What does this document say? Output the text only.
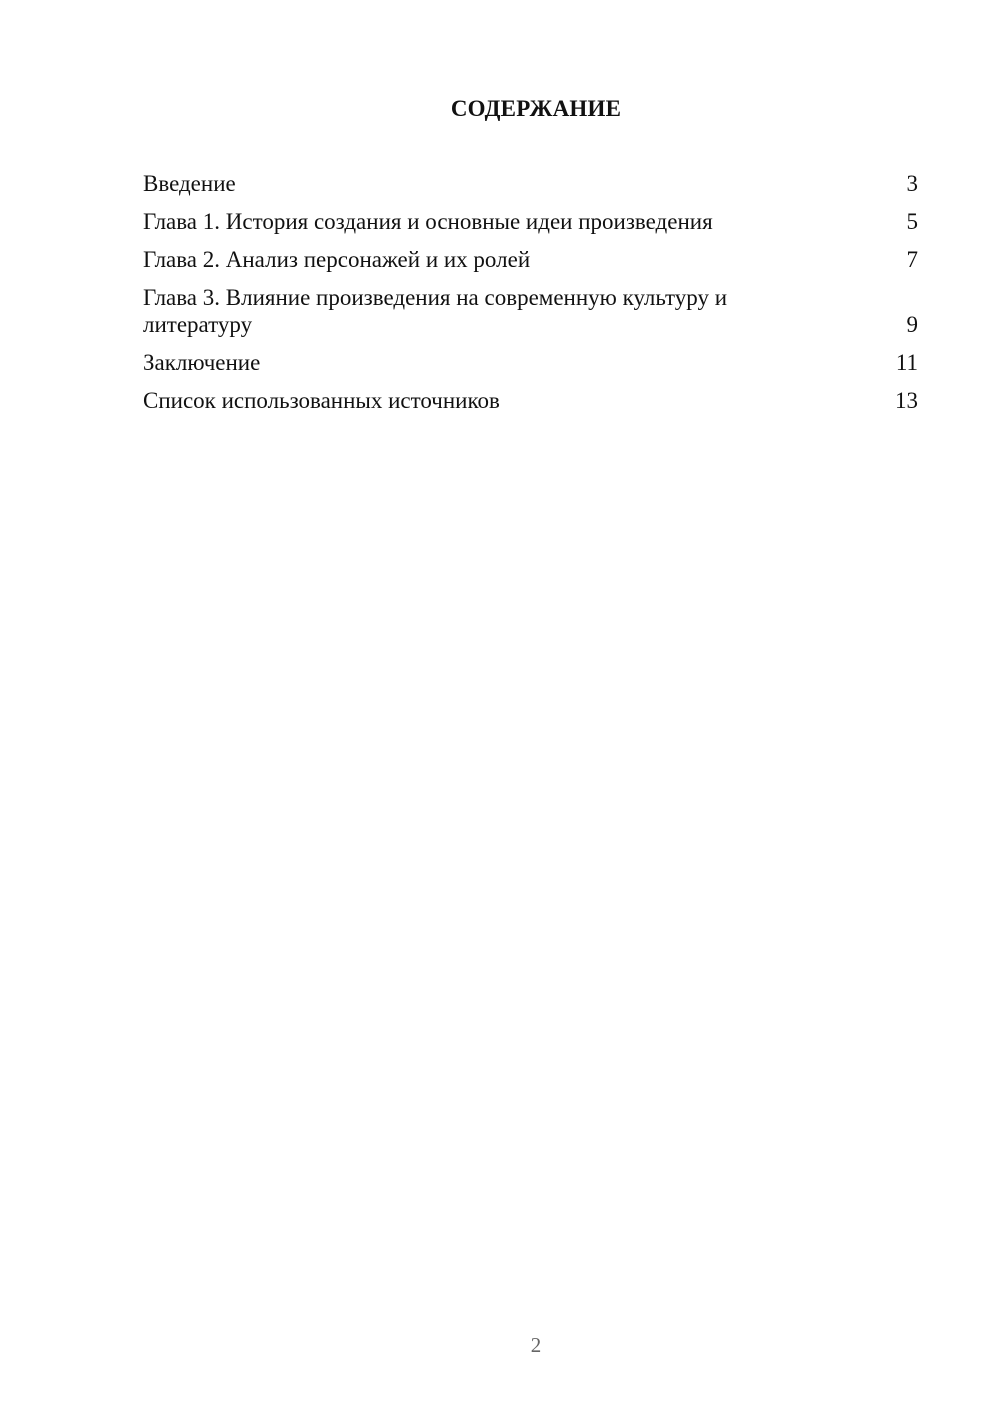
СОДЕРЖАНИЕ
Введение	3
Глава 1. История создания и основные идеи произведения	5
Глава 2. Анализ персонажей и их ролей	7
Глава 3. Влияние произведения на современную культуру и литературу	9
Заключение	11
Список использованных источников	13
2
